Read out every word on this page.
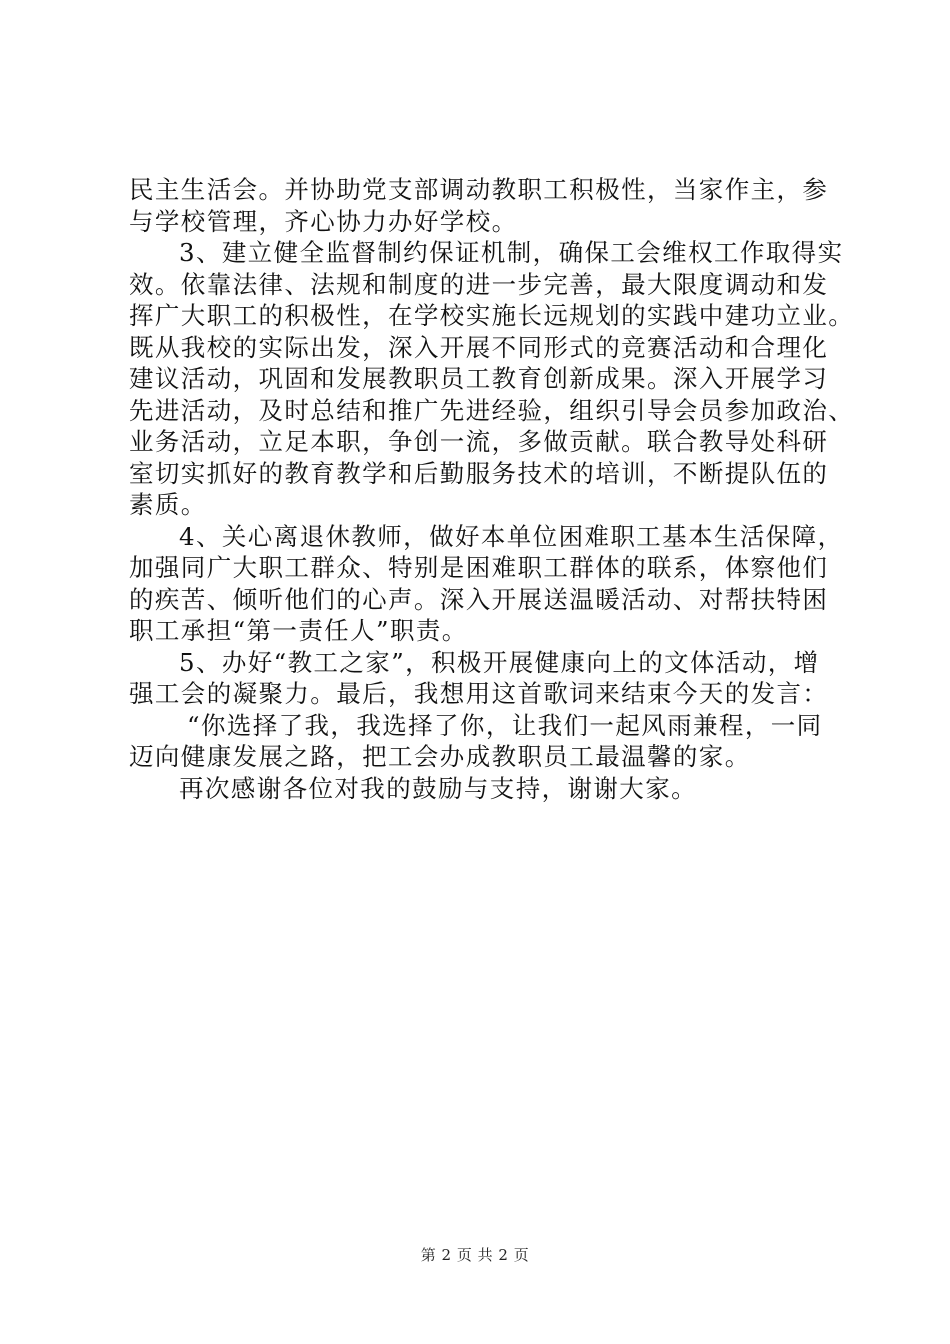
民主生活会。并协助党支部调动教职工积极性，当家作主，参
与学校管理，齐心协力办好学校。
3、建立健全监督制约保证机制，确保工会维权工作取得实
效。依靠法律、法规和制度的进一步完善，最大限度调动和发
挥广大职工的积极性，在学校实施长远规划的实践中建功立业。
既从我校的实际出发，深入开展不同形式的竞赛活动和合理化
建议活动，巩固和发展教职员工教育创新成果。深入开展学习
先进活动，及时总结和推广先进经验，组织引导会员参加政治、
业务活动，立足本职，争创一流，多做贡献。联合教导处科研
室切实抓好的教育教学和后勤服务技术的培训，不断提队伍的
素质。
4、关心离退休教师，做好本单位困难职工基本生活保障，
加强同广大职工群众、特别是困难职工群体的联系，体察他们
的疾苦、倾听他们的心声。深入开展送温暖活动、对帮扶特困
职工承担“第一责任人”职责。
5、办好“教工之家”，积极开展健康向上的文体活动，增
强工会的凝聚力。最后，我想用这首歌词来结束今天的发言：
“你选择了我，我选择了你，让我们一起风雨兼程，一同
迈向健康发展之路，把工会办成教职员工最温馨的家。
再次感谢各位对我的鼓励与支持，谢谢大家。
第 2 页 共 2 页
